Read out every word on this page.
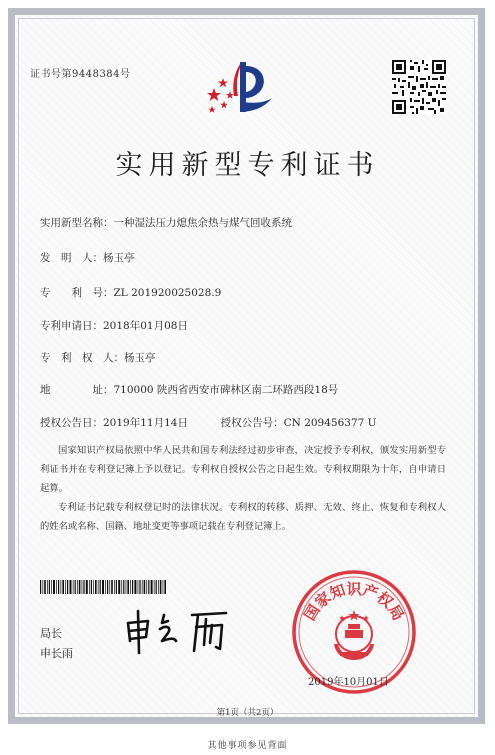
证书号第9448384号
实用新型专利证书
实用新型名称：一种湿法压力熄焦余热与煤气回收系统
发　明　人：杨玉亭
专　　利　号：ZL 201920025028.9
专利申请日：2018年01月08日
专　利　权　人：杨玉亭
地　　　　址：710000 陕西省西安市碑林区南二环路西段18号
授权公告日：2019年11月14日	授权公告号：CN 209456377 U
国家知识产权局依照中华人民共和国专利法经过初步审查，决定授予专利权，颁发实用新型专利证书并在专利登记簿上予以登记。专利权自授权公告之日起生效。专利权期限为十年，自申请日起算。
专利证书记载专利权登记时的法律状况。专利权的转移、质押、无效、终止、恢复和专利权人的姓名或名称、国籍、地址变更等事项记载在专利登记簿上。
局长
申长雨
国家知识产权局
2019年10月01日
第1页（共2页）
其他事项参见背面
